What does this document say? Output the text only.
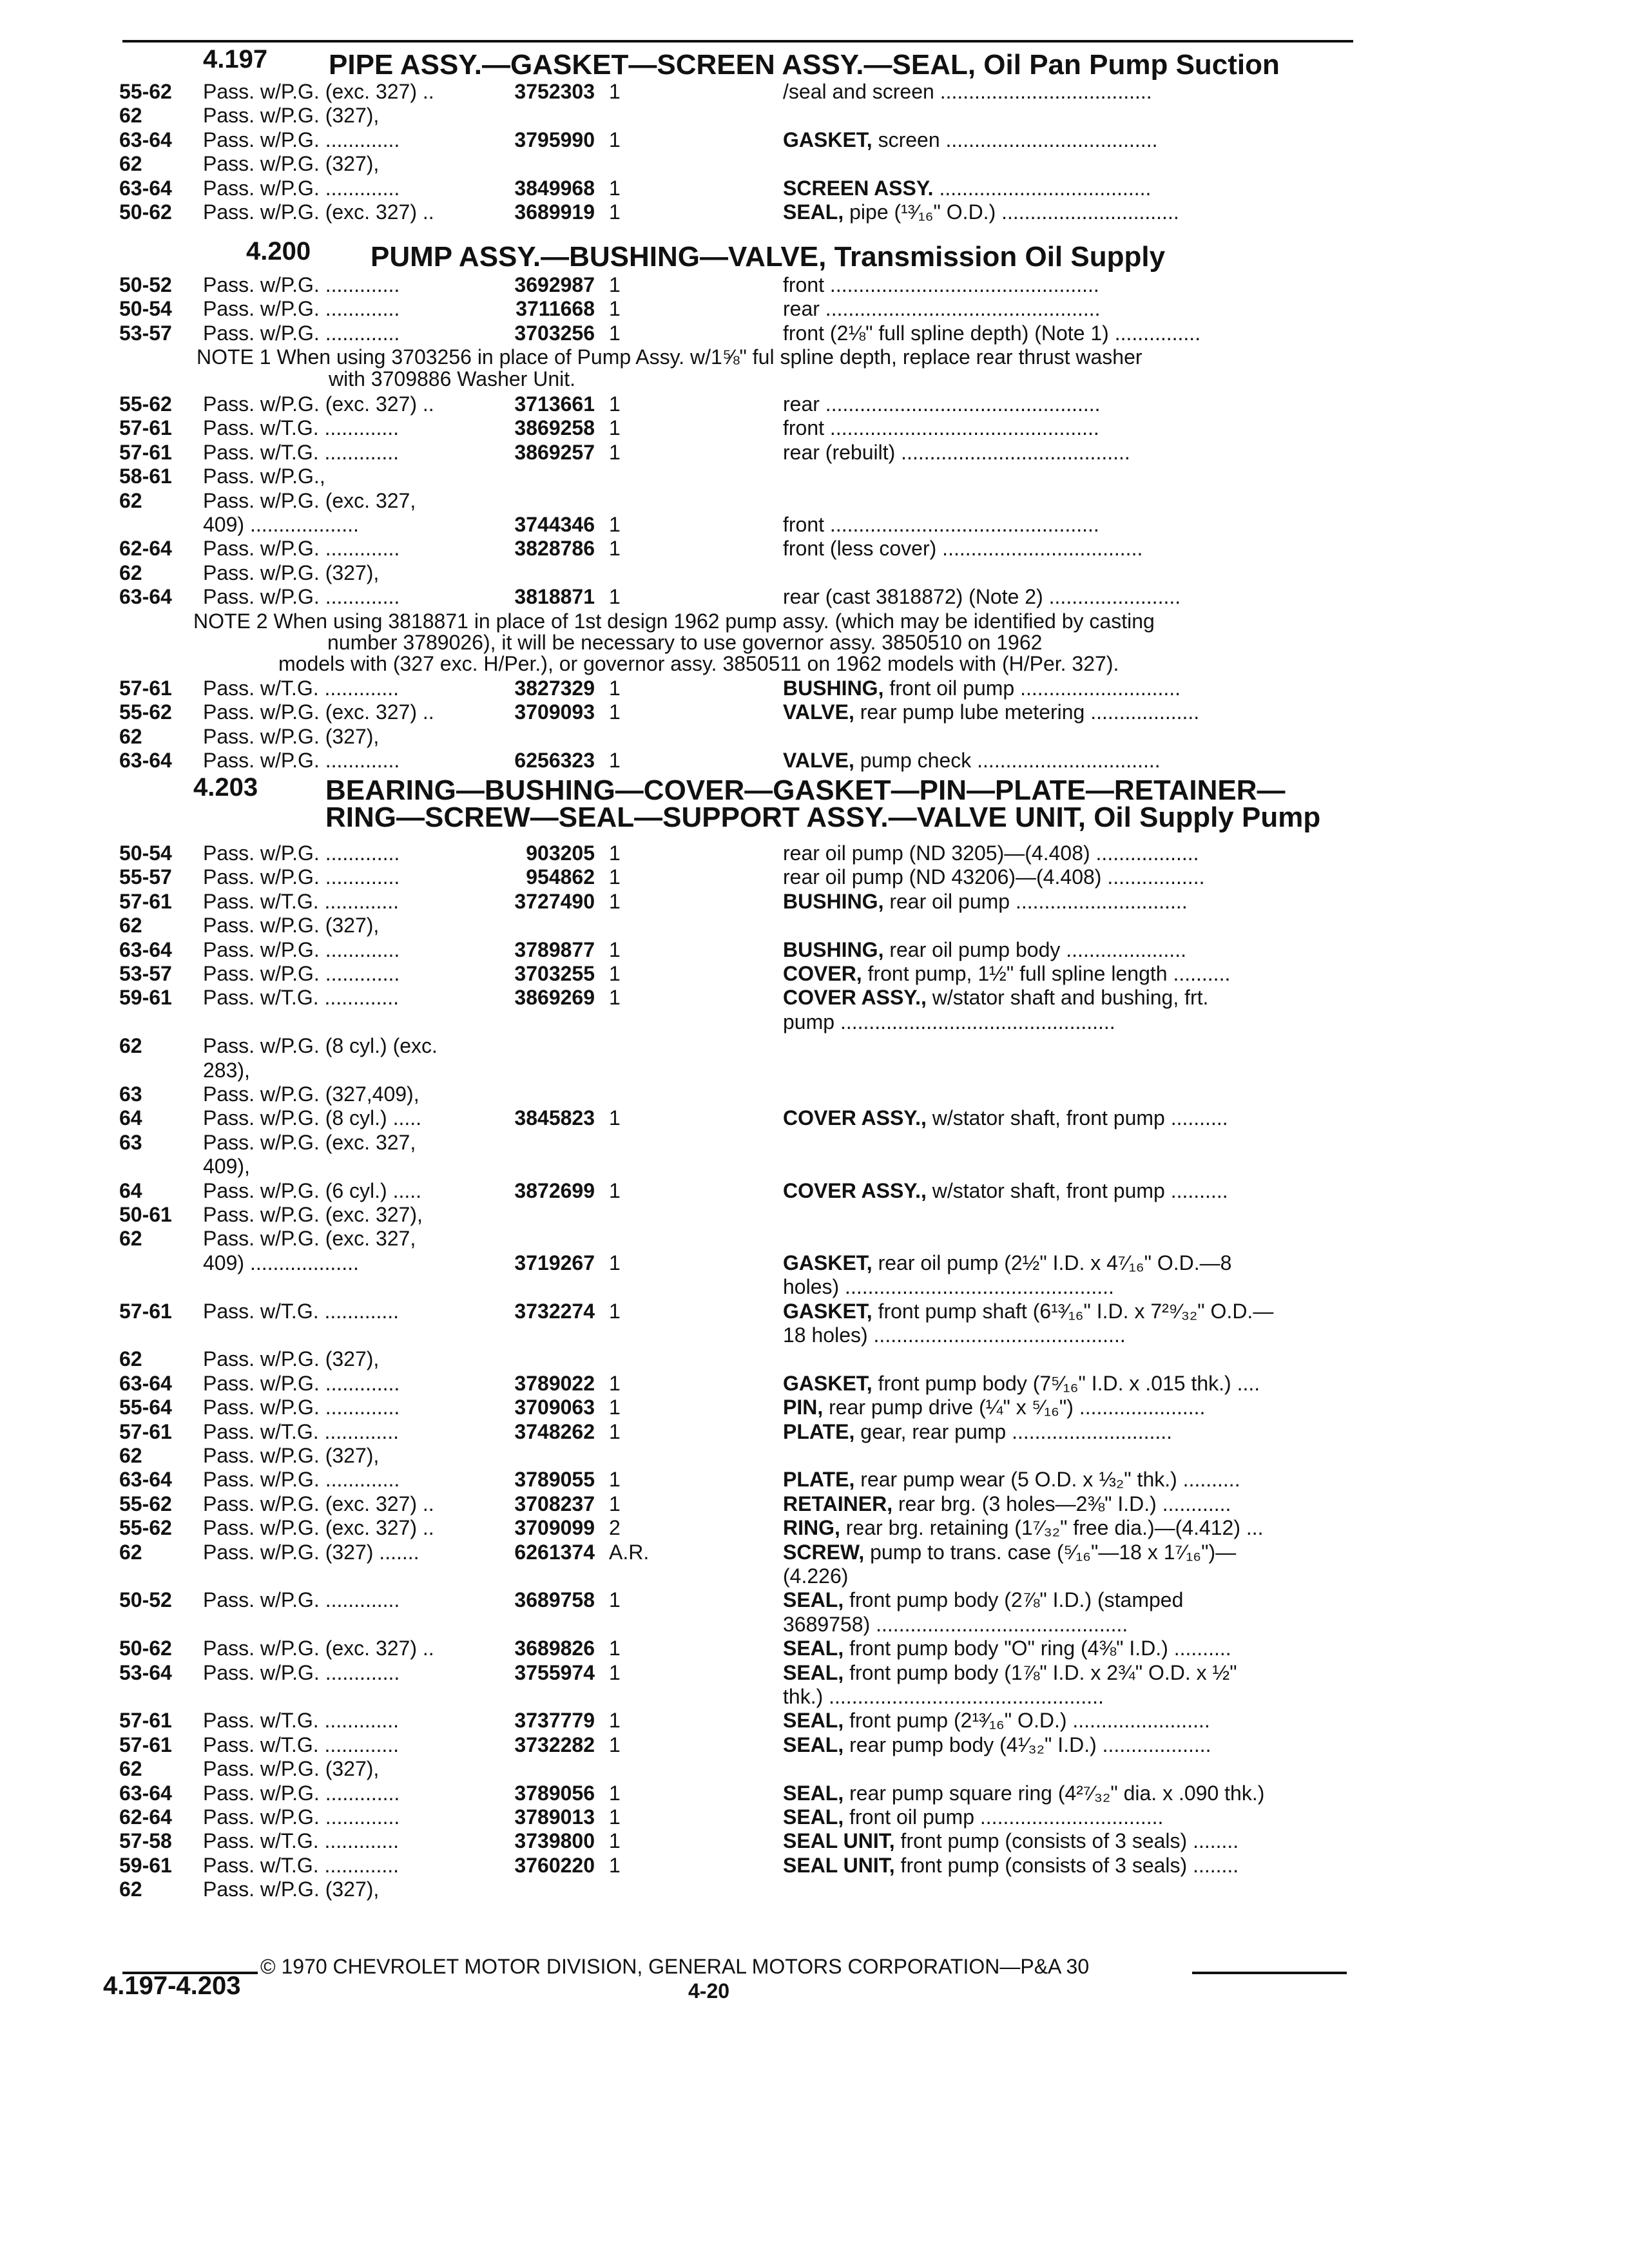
4.197 PIPE ASSY.—GASKET—SCREEN ASSY.—SEAL, Oil Pan Pump Suction
55-62	Pass. w/P.G. (exc. 327) ..	3752303 1	/seal and screen .....................................
62	Pass. w/P.G. (327),
63-64	Pass. w/P.G. .............	3795990 1	GASKET, screen .....................................
62	Pass. w/P.G. (327),
63-64	Pass. w/P.G. .............	3849968 1	SCREEN ASSY. .....................................
50-62	Pass. w/P.G. (exc. 327) ..	3689919 1	SEAL, pipe (¹³⁄₁₆" O.D.) ...............................
4.200 PUMP ASSY.—BUSHING—VALVE, Transmission Oil Supply
50-52	Pass. w/P.G. .............	3692987 1	front ...............................................
50-54	Pass. w/P.G. .............	3711668 1	rear ................................................
53-57	Pass. w/P.G. .............	3703256 1	front (2⅛" full spline depth) (Note 1) ...............
NOTE 1 When using 3703256 in place of Pump Assy. w/1⅝" ful spline depth, replace rear thrust washer
with 3709886 Washer Unit.
55-62	Pass. w/P.G. (exc. 327) ..	3713661 1	rear ................................................
57-61	Pass. w/T.G. .............	3869258 1	front ...............................................
57-61	Pass. w/T.G. .............	3869257 1	rear (rebuilt) ........................................
58-61	Pass. w/P.G.,
62	Pass. w/P.G. (exc. 327,
409) ...................	3744346 1	front ...............................................
62-64	Pass. w/P.G. .............	3828786 1	front (less cover) ...................................
62	Pass. w/P.G. (327),
63-64	Pass. w/P.G. .............	3818871 1	rear (cast 3818872) (Note 2) .......................
NOTE 2 When using 3818871 in place of 1st design 1962 pump assy. (which may be identified by casting
number 3789026), it will be necessary to use governor assy. 3850510 on 1962
models with (327 exc. H/Per.), or governor assy. 3850511 on 1962 models with (H/Per. 327).
57-61	Pass. w/T.G. .............	3827329 1	BUSHING, front oil pump ............................
55-62	Pass. w/P.G. (exc. 327) ..	3709093 1	VALVE, rear pump lube metering ...................
62	Pass. w/P.G. (327),
63-64	Pass. w/P.G. .............	6256323 1	VALVE, pump check ................................
4.203 BEARING—BUSHING—COVER—GASKET—PIN—PLATE—RETAINER—
RING—SCREW—SEAL—SUPPORT ASSY.—VALVE UNIT, Oil Supply Pump
50-54	Pass. w/P.G. .............	903205 1	rear oil pump (ND 3205)—(4.408) ..................
55-57	Pass. w/P.G. .............	954862 1	rear oil pump (ND 43206)—(4.408) .................
57-61	Pass. w/T.G. .............	3727490 1	BUSHING, rear oil pump ..............................
62	Pass. w/P.G. (327),
63-64	Pass. w/P.G. .............	3789877 1	BUSHING, rear oil pump body .....................
53-57	Pass. w/P.G. .............	3703255 1	COVER, front pump, 1½" full spline length ..........
59-61	Pass. w/T.G. .............	3869269 1	COVER ASSY., w/stator shaft and bushing, frt.
pump ................................................
62	Pass. w/P.G. (8 cyl.) (exc.
283),
63	Pass. w/P.G. (327,409),
64	Pass. w/P.G. (8 cyl.) .....	3845823 1	COVER ASSY., w/stator shaft, front pump ..........
63	Pass. w/P.G. (exc. 327,
409),
64	Pass. w/P.G. (6 cyl.) .....	3872699 1	COVER ASSY., w/stator shaft, front pump ..........
50-61	Pass. w/P.G. (exc. 327),
62	Pass. w/P.G. (exc. 327,
409) ...................	3719267 1	GASKET, rear oil pump (2½" I.D. x 4⁷⁄₁₆" O.D.—8
holes) ...............................................
57-61	Pass. w/T.G. .............	3732274 1	GASKET, front pump shaft (6¹³⁄₁₆" I.D. x 7²⁹⁄₃₂" O.D.—
18 holes) ............................................
62	Pass. w/P.G. (327),
63-64	Pass. w/P.G. .............	3789022 1	GASKET, front pump body (7⁵⁄₁₆" I.D. x .015 thk.) ....
55-64	Pass. w/P.G. .............	3709063 1	PIN, rear pump drive (¼" x ⁵⁄₁₆") ......................
57-61	Pass. w/T.G. .............	3748262 1	PLATE, gear, rear pump ............................
62	Pass. w/P.G. (327),
63-64	Pass. w/P.G. .............	3789055 1	PLATE, rear pump wear (5 O.D. x ⅓₂" thk.) ..........
55-62	Pass. w/P.G. (exc. 327) ..	3708237 1	RETAINER, rear brg. (3 holes—2⅜" I.D.) ............
55-62	Pass. w/P.G. (exc. 327) ..	3709099 2	RING, rear brg. retaining (1⁷⁄₃₂" free dia.)—(4.412) ...
62	Pass. w/P.G. (327) .......	6261374 A.R.	SCREW, pump to trans. case (⁵⁄₁₆"—18 x 1⁷⁄₁₆")—
(4.226)
50-52	Pass. w/P.G. .............	3689758 1	SEAL, front pump body (2⅞" I.D.) (stamped
3689758) ............................................
50-62	Pass. w/P.G. (exc. 327) ..	3689826 1	SEAL, front pump body "O" ring (4⅜" I.D.) ..........
53-64	Pass. w/P.G. .............	3755974 1	SEAL, front pump body (1⅞" I.D. x 2¾" O.D. x ½"
thk.) ................................................
57-61	Pass. w/T.G. .............	3737779 1	SEAL, front pump (2¹³⁄₁₆" O.D.) ........................
57-61	Pass. w/T.G. .............	3732282 1	SEAL, rear pump body (4¹⁄₃₂" I.D.) ...................
62	Pass. w/P.G. (327),
63-64	Pass. w/P.G. .............	3789056 1	SEAL, rear pump square ring (4²⁷⁄₃₂" dia. x .090 thk.)
62-64	Pass. w/P.G. .............	3789013 1	SEAL, front oil pump ................................
57-58	Pass. w/T.G. .............	3739800 1	SEAL UNIT, front pump (consists of 3 seals) ........
59-61	Pass. w/T.G. .............	3760220 1	SEAL UNIT, front pump (consists of 3 seals) ........
62	Pass. w/P.G. (327),
© 1970 CHEVROLET MOTOR DIVISION, GENERAL MOTORS CORPORATION—P&A 30
4.197-4.203	4-20
